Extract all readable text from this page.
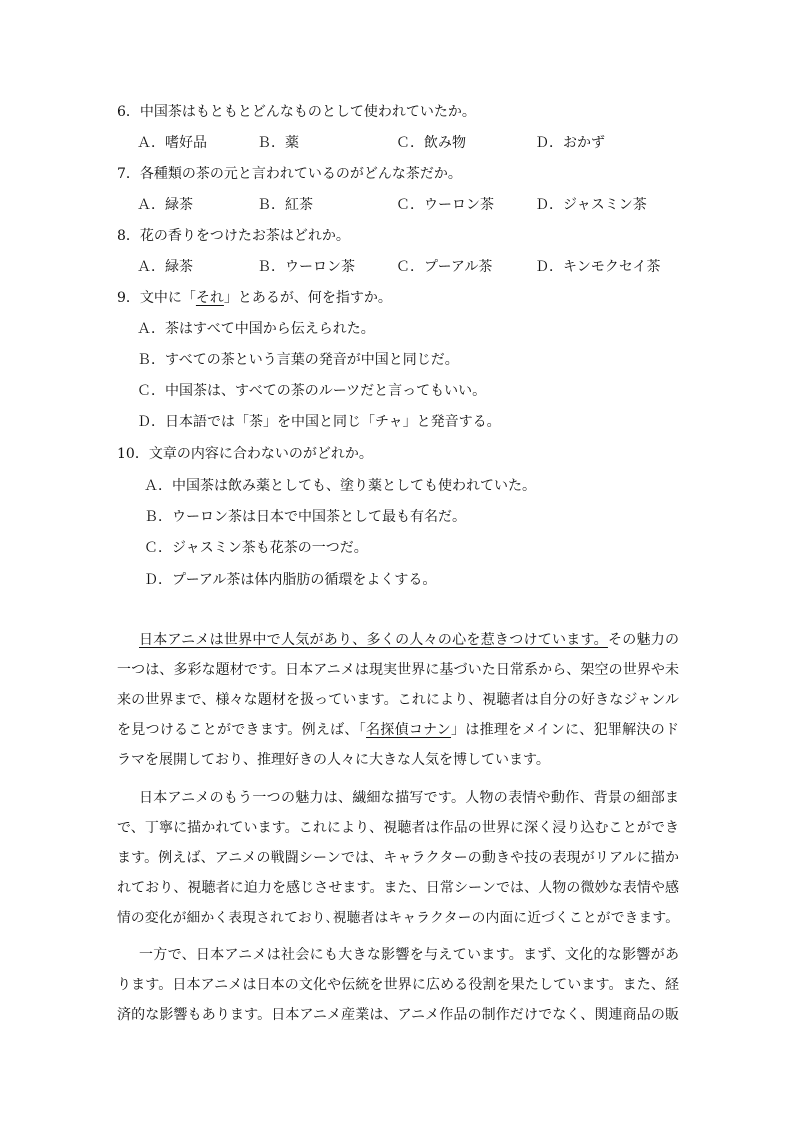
6．中国茶はもともとどんなものとして使われていたか。
Ａ．嗜好品	Ｂ．薬	Ｃ．飲み物	Ｄ．おかず
7．各種類の茶の元と言われているのがどんな茶だか。
Ａ．緑茶	Ｂ．紅茶	Ｃ．ウーロン茶	Ｄ．ジャスミン茶
8．花の香りをつけたお茶はどれか。
Ａ．緑茶	Ｂ．ウーロン茶	Ｃ．プーアル茶	Ｄ．キンモクセイ茶
9．文中に「それ」とあるが、何を指すか。
Ａ．茶はすべて中国から伝えられた。
Ｂ．すべての茶という言葉の発音が中国と同じだ。
Ｃ．中国茶は、すべての茶のルーツだと言ってもいい。
Ｄ．日本語では「茶」を中国と同じ「チャ」と発音する。
10．文章の内容に合わないのがどれか。
Ａ．中国茶は飲み薬としても、塗り薬としても使われていた。
Ｂ．ウーロン茶は日本で中国茶として最も有名だ。
Ｃ．ジャスミン茶も花茶の一つだ。
Ｄ．プーアル茶は体内脂肪の循環をよくする。
日本アニメは世界中で人気があり、多くの人々の心を惹きつけています。その魅力の
一つは、多彩な題材です。日本アニメは現実世界に基づいた日常系から、架空の世界や未
来の世界まで、様々な題材を扱っています。これにより、視聴者は自分の好きなジャンル
を見つけることができます。例えば、「名探偵コナン」は推理をメインに、犯罪解決のド
ラマを展開しており、推理好きの人々に大きな人気を博しています。
日本アニメのもう一つの魅力は、繊細な描写です。人物の表情や動作、背景の細部ま
で、丁寧に描かれています。これにより、視聴者は作品の世界に深く浸り込むことができ
ます。例えば、アニメの戦闘シーンでは、キャラクターの動きや技の表現がリアルに描か
れており、視聴者に迫力を感じさせます。また、日常シーンでは、人物の微妙な表情や感
情の変化が細かく表現されており､視聴者はキャラクターの内面に近づくことができます。
一方で、日本アニメは社会にも大きな影響を与えています。まず、文化的な影響があ
ります。日本アニメは日本の文化や伝統を世界に広める役割を果たしています。また、経
済的な影響もあります。日本アニメ産業は、アニメ作品の制作だけでなく、関連商品の販
